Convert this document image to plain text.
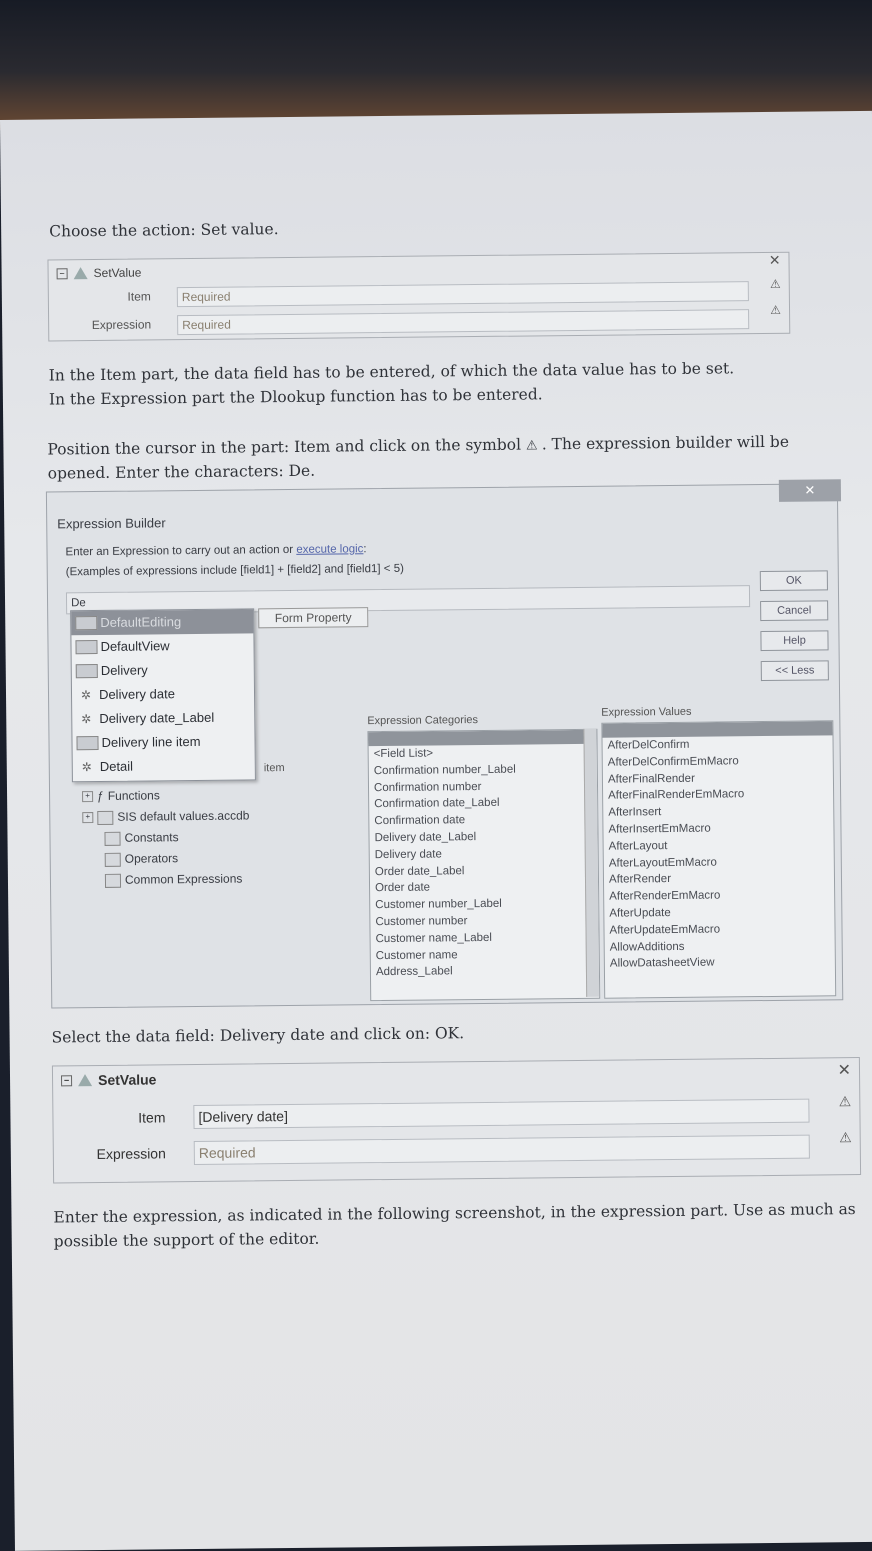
Choose the action: Set value.
− SetValue
Item	Required
Expression	Required
✕
⚠
⚠
In the Item part, the data field has to be entered, of which the data value has to be set.
In the Expression part the Dlookup function has to be entered.
Position the cursor in the part: Item and click on the symbol ⚠ . The expression builder will be
opened. Enter the characters: De.
✕
Expression Builder
Enter an Expression to carry out an action or execute logic:
(Examples of expressions include [field1] + [field2] and [field1] < 5)
De
OK
Cancel
Help
<< Less
Form Property
item
+ ƒ Functions
+ SIS default values.accdb
Constants
Operators
Common Expressions
Expression Categories
Expression Values
<Field List>
Confirmation number_Label
Confirmation number
Confirmation date_Label
Confirmation date
Delivery date_Label
Delivery date
Order date_Label
Order date
Customer number_Label
Customer number
Customer name_Label
Customer name
Address_Label
AfterDelConfirm
AfterDelConfirmEmMacro
AfterFinalRender
AfterFinalRenderEmMacro
AfterInsert
AfterInsertEmMacro
AfterLayout
AfterLayoutEmMacro
AfterRender
AfterRenderEmMacro
AfterUpdate
AfterUpdateEmMacro
AllowAdditions
AllowDatasheetView
DefaultEditing
DefaultView
Delivery
✲ Delivery date
✲ Delivery date_Label
Delivery line item
✲ Detail
Select the data field: Delivery date and click on: OK.
− SetValue
Item	[Delivery date]
Expression	Required
✕
⚠
⚠
Enter the expression, as indicated in the following screenshot, in the expression part. Use as much as
possible the support of the editor.
